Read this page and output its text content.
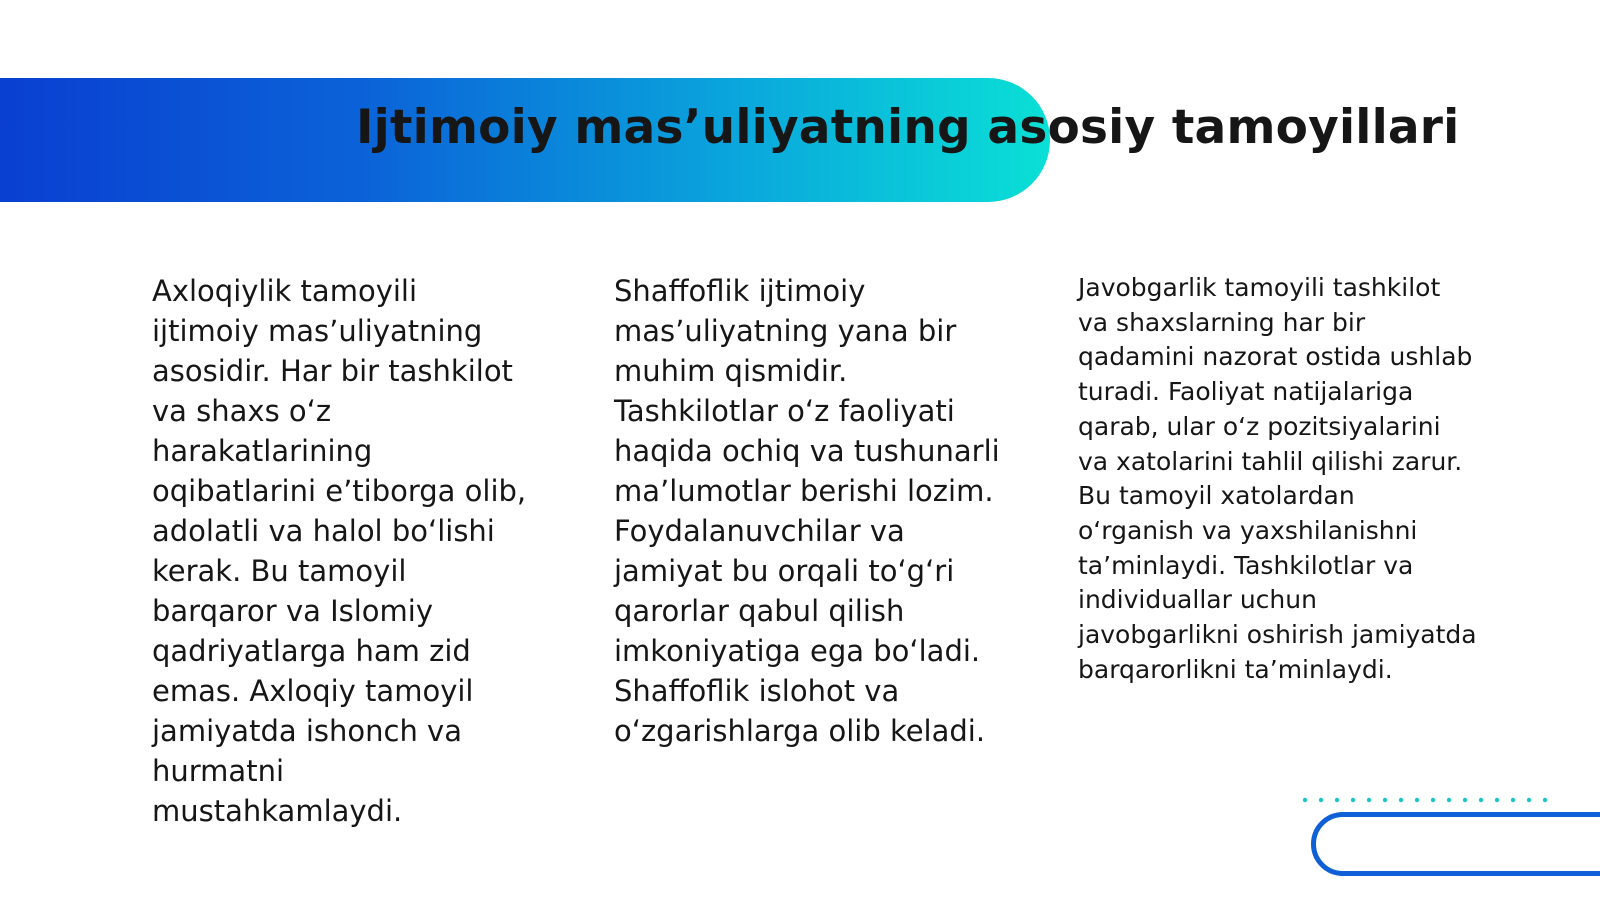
Ijtimoiy mas’uliyatning asosiy tamoyillari

Axloqiylik tamoyili ijtimoiy mas’uliyatning asosidir. Har bir tashkilot va shaxs o‘z harakatlarining oqibatlarini e’tiborga olib, adolatli va halol bo‘lishi kerak. Bu tamoyil barqaror va Islomiy qadriyatlarga ham zid emas. Axloqiy tamoyil jamiyatda ishonch va hurmatni mustahkamlaydi.

Shaffoflik ijtimoiy mas’uliyatning yana bir muhim qismidir. Tashkilotlar o‘z faoliyati haqida ochiq va tushunarli ma’lumotlar berishi lozim. Foydalanuvchilar va jamiyat bu orqali to‘g‘ri qarorlar qabul qilish imkoniyatiga ega bo‘ladi. Shaffoflik islohot va o‘zgarishlarga olib keladi.

Javobgarlik tamoyili tashkilot va shaxslarning har bir qadamini nazorat ostida ushlab turadi. Faoliyat natijalariga qarab, ular o‘z pozitsiyalarini va xatolarini tahlil qilishi zarur. Bu tamoyil xatolardan o‘rganish va yaxshilanishni ta’minlaydi. Tashkilotlar va individuallar uchun javobgarlikni oshirish jamiyatda barqarorlikni ta’minlaydi.
